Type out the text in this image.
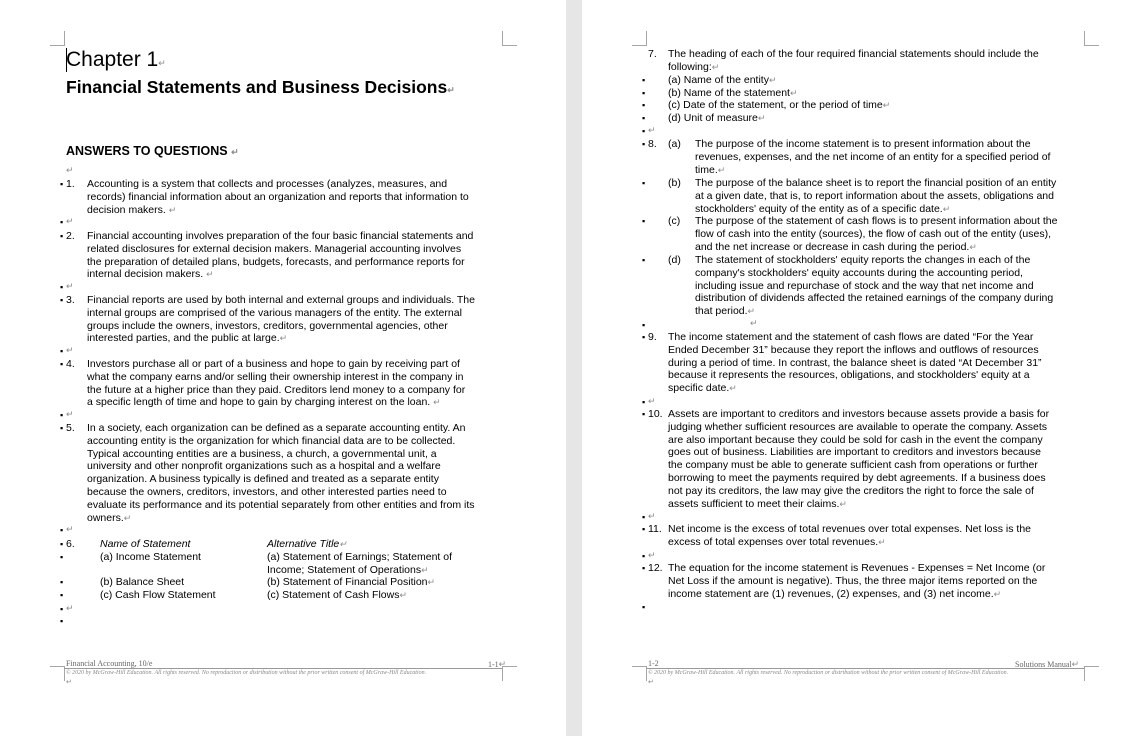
Chapter 1↵
Financial Statements and Business Decisions↵
ANSWERS TO QUESTIONS ↵
↵
▪ 1. Accounting is a system that collects and processes (analyzes, measures, and
records) financial information about an organization and reports that information to
decision makers. ↵
▪ ↵
▪ 2. Financial accounting involves preparation of the four basic financial statements and
related disclosures for external decision makers. Managerial accounting involves
the preparation of detailed plans, budgets, forecasts, and performance reports for
internal decision makers. ↵
▪ ↵
▪ 3. Financial reports are used by both internal and external groups and individuals. The
internal groups are comprised of the various managers of the entity. The external
groups include the owners, investors, creditors, governmental agencies, other
interested parties, and the public at large.↵
▪ ↵
▪ 4. Investors purchase all or part of a business and hope to gain by receiving part of
what the company earns and/or selling their ownership interest in the company in
the future at a higher price than they paid. Creditors lend money to a company for
a specific length of time and hope to gain by charging interest on the loan. ↵
▪ ↵
▪ 5. In a society, each organization can be defined as a separate accounting entity. An
accounting entity is the organization for which financial data are to be collected.
Typical accounting entities are a business, a church, a governmental unit, a
university and other nonprofit organizations such as a hospital and a welfare
organization. A business typically is defined and treated as a separate entity
because the owners, creditors, investors, and other interested parties need to
evaluate its performance and its potential separately from other entities and from its
owners.↵
▪ ↵
▪ 6. Name of Statement	Alternative Title↵
▪	(a) Income Statement	(a) Statement of Earnings; Statement of
Income; Statement of Operations↵
▪	(b) Balance Sheet	(b) Statement of Financial Position↵
▪	(c) Cash Flow Statement	(c) Statement of Cash Flows↵
▪ ↵
▪
Financial Accounting, 10/e	1-1↵
© 2020 by McGraw-Hill Education. All rights reserved. No reproduction or distribution without the prior written consent of McGraw-Hill Education.
↵
7. The heading of each of the four required financial statements should include the
following:↵
▪ (a) Name of the entity↵
▪ (b) Name of the statement↵
▪ (c) Date of the statement, or the period of time↵
▪ (d) Unit of measure↵
▪ ↵
▪ 8. (a) The purpose of the income statement is to present information about the
revenues, expenses, and the net income of an entity for a specified period of
time.↵
▪ (b) The purpose of the balance sheet is to report the financial position of an entity
at a given date, that is, to report information about the assets, obligations and
stockholders' equity of the entity as of a specific date.↵
▪ (c) The purpose of the statement of cash flows is to present information about the
flow of cash into the entity (sources), the flow of cash out of the entity (uses),
and the net increase or decrease in cash during the period.↵
▪ (d) The statement of stockholders' equity reports the changes in each of the
company's stockholders' equity accounts during the accounting period,
including issue and repurchase of stock and the way that net income and
distribution of dividends affected the retained earnings of the company during
that period.↵
▪	↵
▪ 9. The income statement and the statement of cash flows are dated “For the Year
Ended December 31” because they report the inflows and outflows of resources
during a period of time. In contrast, the balance sheet is dated “At December 31”
because it represents the resources, obligations, and stockholders' equity at a
specific date.↵
▪ ↵
▪ 10. Assets are important to creditors and investors because assets provide a basis for
judging whether sufficient resources are available to operate the company. Assets
are also important because they could be sold for cash in the event the company
goes out of business. Liabilities are important to creditors and investors because
the company must be able to generate sufficient cash from operations or further
borrowing to meet the payments required by debt agreements. If a business does
not pay its creditors, the law may give the creditors the right to force the sale of
assets sufficient to meet their claims.↵
▪ ↵
▪ 11. Net income is the excess of total revenues over total expenses. Net loss is the
excess of total expenses over total revenues.↵
▪ ↵
▪ 12. The equation for the income statement is Revenues - Expenses = Net Income (or
Net Loss if the amount is negative). Thus, the three major items reported on the
income statement are (1) revenues, (2) expenses, and (3) net income.↵
▪
1-2	Solutions Manual↵
© 2020 by McGraw-Hill Education. All rights reserved. No reproduction or distribution without the prior written consent of McGraw-Hill Education.
↵
